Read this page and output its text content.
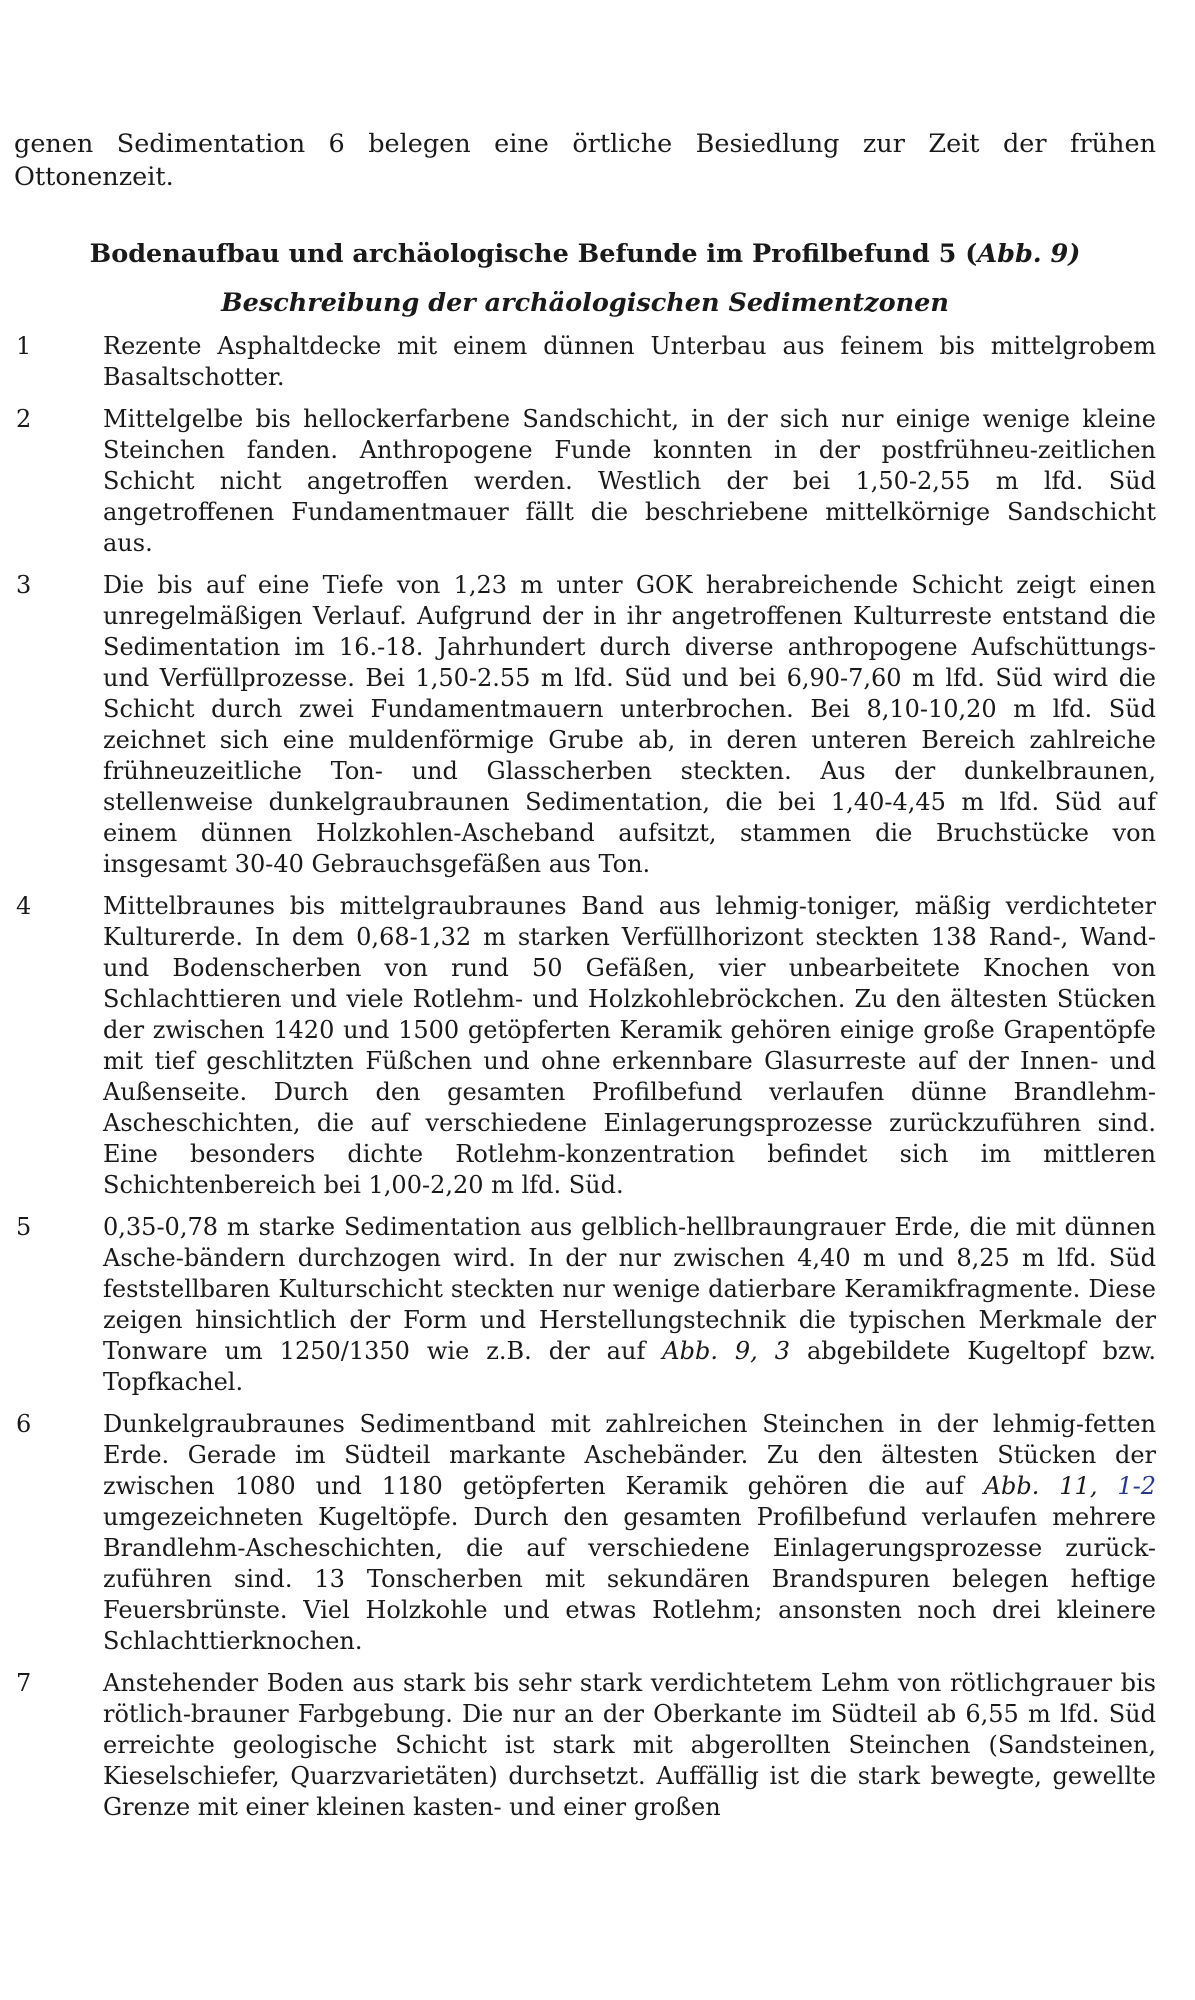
genen Sedimentation 6 belegen eine örtliche Besiedlung zur Zeit der frühen Ottonenzeit.

Bodenaufbau und archäologische Befunde im Profilbefund 5 (Abb. 9)
Beschreibung der archäologischen Sedimentzonen
1	Rezente Asphaltdecke mit einem dünnen Unterbau aus feinem bis mittelgrobem Basaltschotter.

2	Mittelgelbe bis hellockerfarbene Sandschicht, in der sich nur einige wenige kleine Steinchen fanden. Anthropogene Funde konnten in der postfrühneu-zeitlichen Schicht nicht angetroffen werden. Westlich der bei 1,50-2,55 m lfd. Süd angetroffenen Fundamentmauer fällt die beschriebene mittelkörnige Sandschicht aus.

3	Die bis auf eine Tiefe von 1,23 m unter GOK herabreichende Schicht zeigt einen unregelmäßigen Verlauf. Aufgrund der in ihr angetroffenen Kulturreste entstand die Sedimentation im 16.-18. Jahrhundert durch diverse anthropogene Aufschüttungs- und Verfüllprozesse. Bei 1,50-2.55 m lfd. Süd und bei 6,90-7,60 m lfd. Süd wird die Schicht durch zwei Fundamentmauern unterbrochen. Bei 8,10-10,20 m lfd. Süd zeichnet sich eine muldenförmige Grube ab, in deren unteren Bereich zahlreiche frühneuzeitliche Ton- und Glasscherben steckten. Aus der dunkelbraunen, stellenweise dunkelgraubraunen Sedimentation, die bei 1,40-4,45 m lfd. Süd auf einem dünnen Holzkohlen-Ascheband aufsitzt, stammen die Bruchstücke von insgesamt 30-40 Gebrauchsgefäßen aus Ton.

4	Mittelbraunes bis mittelgraubraunes Band aus lehmig-toniger, mäßig verdichteter Kulturerde. In dem 0,68-1,32 m starken Verfüllhorizont steckten 138 Rand-, Wand- und Bodenscherben von rund 50 Gefäßen, vier unbearbeitete Knochen von Schlachttieren und viele Rotlehm- und Holzkohlebröckchen. Zu den ältesten Stücken der zwischen 1420 und 1500 getöpferten Keramik gehören einige große Grapentöpfe mit tief geschlitzten Füßchen und ohne erkennbare Glasurreste auf der Innen- und Außenseite. Durch den gesamten Profilbefund verlaufen dünne Brandlehm-Ascheschichten, die auf verschiedene Einlagerungsprozesse zurückzuführen sind. Eine besonders dichte Rotlehm-konzentration befindet sich im mittleren Schichtenbereich bei 1,00-2,20 m lfd. Süd.

5	0,35-0,78 m starke Sedimentation aus gelblich-hellbraungrauer Erde, die mit dünnen Asche-bändern durchzogen wird. In der nur zwischen 4,40 m und 8,25 m lfd. Süd feststellbaren Kulturschicht steckten nur wenige datierbare Keramikfragmente. Diese zeigen hinsichtlich der Form und Herstellungstechnik die typischen Merkmale der Tonware um 1250/1350 wie z.B. der auf Abb. 9, 3 abgebildete Kugeltopf bzw. Topfkachel.

6	Dunkelgraubraunes Sedimentband mit zahlreichen Steinchen in der lehmig-fetten Erde. Gerade im Südteil markante Aschebänder. Zu den ältesten Stücken der zwischen 1080 und 1180 getöpferten Keramik gehören die auf Abb. 11, 1-2 umgezeichneten Kugeltöpfe. Durch den gesamten Profilbefund verlaufen mehrere Brandlehm-Ascheschichten, die auf verschiedene Einlagerungsprozesse zurück-zuführen sind. 13 Tonscherben mit sekundären Brandspuren belegen heftige Feuersbrünste. Viel Holzkohle und etwas Rotlehm; ansonsten noch drei kleinere Schlachttierknochen.

7	Anstehender Boden aus stark bis sehr stark verdichtetem Lehm von rötlichgrauer bis rötlich-brauner Farbgebung. Die nur an der Oberkante im Südteil ab 6,55 m lfd. Süd erreichte geologische Schicht ist stark mit abgerollten Steinchen (Sandsteinen, Kieselschiefer, Quarzvarietäten) durchsetzt. Auffällig ist die stark bewegte, gewellte Grenze mit einer kleinen kasten- und einer großen
